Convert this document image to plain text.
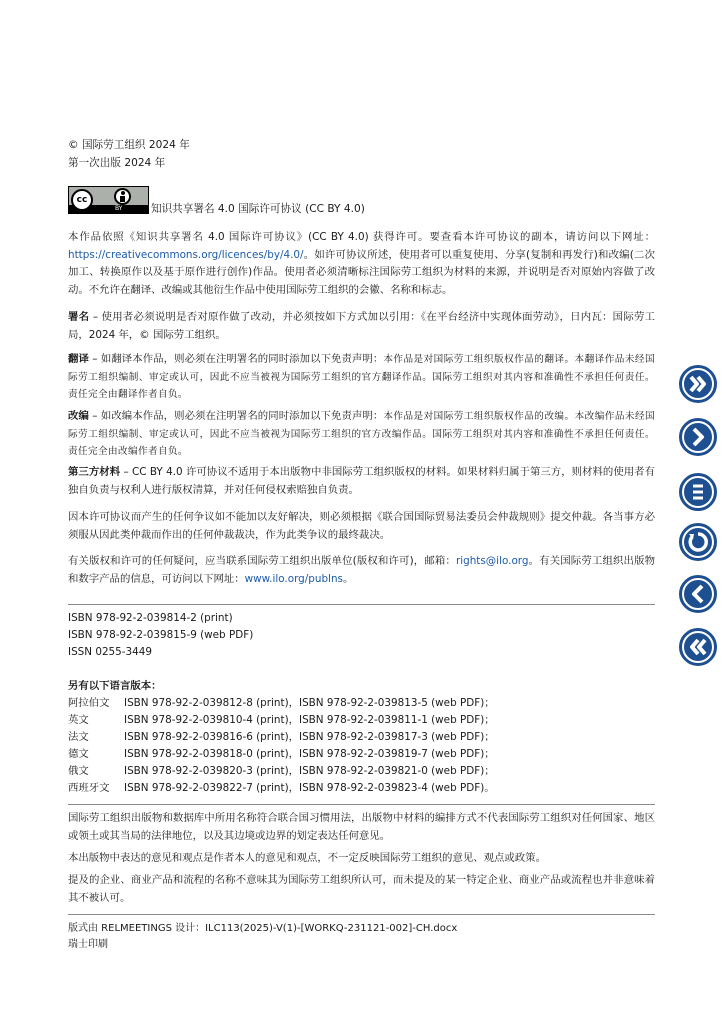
© 国际劳工组织 2024 年
第一次出版 2024 年
cc
BY	知识共享署名 4.0 国际许可协议 (CC BY 4.0)
本作品依照《知识共享署名 4.0 国际许可协议》(CC BY 4.0) 获得许可。要查看本许可协议的副本，请访问以下网址：https://creativecommons.org/licences/by/4.0/。如许可协议所述，使用者可以重复使用、分享(复制和再发行)和改编(二次加工、转换原作以及基于原作进行创作)作品。使用者必须清晰标注国际劳工组织为材料的来源，并说明是否对原始内容做了改动。不允许在翻译、改编或其他衍生作品中使用国际劳工组织的会徽、名称和标志。
署名 – 使用者必须说明是否对原作做了改动，并必须按如下方式加以引用：《在平台经济中实现体面劳动》，日内瓦：国际劳工局，2024 年，© 国际劳工组织。
翻译 – 如翻译本作品，则必须在注明署名的同时添加以下免责声明：本作品是对国际劳工组织版权作品的翻译。本翻译作品未经国际劳工组织编制、审定或认可，因此不应当被视为国际劳工组织的官方翻译作品。国际劳工组织对其内容和准确性不承担任何责任。责任完全由翻译作者自负。
改编 – 如改编本作品，则必须在注明署名的同时添加以下免责声明：本作品是对国际劳工组织版权作品的改编。本改编作品未经国际劳工组织编制、审定或认可，因此不应当被视为国际劳工组织的官方改编作品。国际劳工组织对其内容和准确性不承担任何责任。责任完全由改编作者自负。
第三方材料 – CC BY 4.0 许可协议不适用于本出版物中非国际劳工组织版权的材料。如果材料归属于第三方，则材料的使用者有独自负责与权利人进行版权清算，并对任何侵权索赔独自负责。
因本许可协议而产生的任何争议如不能加以友好解决，则必须根据《联合国国际贸易法委员会仲裁规则》提交仲裁。各当事方必须服从因此类仲裁而作出的任何仲裁裁决，作为此类争议的最终裁决。
有关版权和许可的任何疑问，应当联系国际劳工组织出版单位(版权和许可)，邮箱：rights@ilo.org。有关国际劳工组织出版物和数字产品的信息，可访问以下网址：www.ilo.org/publns。
ISBN 978-92-2-039814-2 (print)
ISBN 978-92-2-039815-9 (web PDF)
ISSN 0255-3449
另有以下语言版本：
阿拉伯文 ISBN 978-92-2-039812-8 (print)，ISBN 978-92-2-039813-5 (web PDF)；
英文	ISBN 978-92-2-039810-4 (print)，ISBN 978-92-2-039811-1 (web PDF)；
法文	ISBN 978-92-2-039816-6 (print)，ISBN 978-92-2-039817-3 (web PDF)；
德文	ISBN 978-92-2-039818-0 (print)，ISBN 978-92-2-039819-7 (web PDF)；
俄文	ISBN 978-92-2-039820-3 (print)，ISBN 978-92-2-039821-0 (web PDF)；
西班牙文 ISBN 978-92-2-039822-7 (print)，ISBN 978-92-2-039823-4 (web PDF)。
国际劳工组织出版物和数据库中所用名称符合联合国习惯用法，出版物中材料的编排方式不代表国际劳工组织对任何国家、地区或领土或其当局的法律地位，以及其边境或边界的划定表达任何意见。
本出版物中表达的意见和观点是作者本人的意见和观点，不一定反映国际劳工组织的意见、观点或政策。
提及的企业、商业产品和流程的名称不意味其为国际劳工组织所认可，而未提及的某一特定企业、商业产品或流程也并非意味着其不被认可。
版式由 RELMEETINGS 设计：ILC113(2025)-V(1)-[WORKQ-231121-002]-CH.docx
瑞士印刷
